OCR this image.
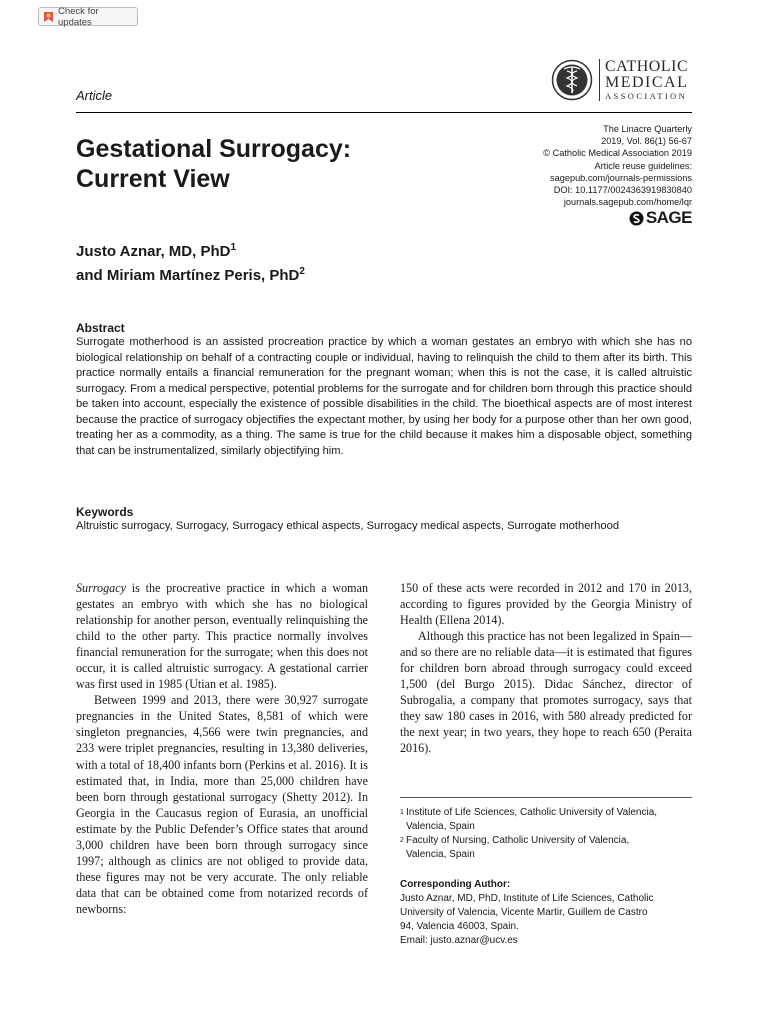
Check for updates
Article
CATHOLIC
MEDICAL
ASSOCIATION
The Linacre Quarterly
2019, Vol. 86(1) 56-67
© Catholic Medical Association 2019
Article reuse guidelines:
sagepub.com/journals-permissions
DOI: 10.1177/0024363919830840
journals.sagepub.com/home/lqr
SAGE
Gestational Surrogacy:
Current View
Justo Aznar, MD, PhD$^1$
and Miriam Martínez Peris, PhD$^2$
Abstract
Surrogate motherhood is an assisted procreation practice by which a woman gestates an embryo with which she has no biological relationship on behalf of a contracting couple or individual, having to relinquish the child to them after its birth. This practice normally entails a financial remuneration for the pregnant woman; when this is not the case, it is called altruistic surrogacy. From a medical perspective, potential problems for the surrogate and for children born through this practice should be taken into account, especially the existence of possible disabilities in the child. The bioethical aspects are of most interest because the practice of surrogacy objectifies the expectant mother, by using her body for a purpose other than her own good, treating her as a commodity, as a thing. The same is true for the child because it makes him a disposable object, something that can be instrumentalized, similarly objectifying him.
Keywords
Altruistic surrogacy, Surrogacy, Surrogacy ethical aspects, Surrogacy medical aspects, Surrogate motherhood

Surrogacy is the procreative practice in which a woman gestates an embryo with which she has no biological relationship for another person, eventually relinquishing the child to the other party. This practice normally involves financial remuneration for the surrogate; when this does not occur, it is called altruistic surrogacy. A gestational carrier was first used in 1985 (Utian et al. 1985).

Between 1999 and 2013, there were 30,927 surrogate pregnancies in the United States, 8,581 of which were singleton pregnancies, 4,566 were twin pregnancies, and 233 were triplet pregnancies, resulting in 13,380 deliveries, with a total of 18,400 infants born (Perkins et al. 2016). It is estimated that, in India, more than 25,000 children have been born through gestational surrogacy (Shetty 2012). In Georgia in the Caucasus region of Eurasia, an unofficial estimate by the Public Defender’s Office states that around 3,000 children have been born through surrogacy since 1997; although as clinics are not obliged to provide data, these figures may not be very accurate. The only reliable data that can be obtained come from notarized records of newborns:

150 of these acts were recorded in 2012 and 170 in 2013, according to figures provided by the Georgia Ministry of Health (Ellena 2014).

Although this practice has not been legalized in Spain—and so there are no reliable data—it is estimated that figures for children born abroad through surrogacy could exceed 1,500 (del Burgo 2015). Didac Sánchez, director of Subrogalia, a company that promotes surrogacy, says that they saw 180 cases in 2016, with 580 already predicted for the next year; in two years, they hope to reach 650 (Peraita 2016).

1 Institute of Life Sciences, Catholic University of Valencia,
Valencia, Spain
2 Faculty of Nursing, Catholic University of Valencia,
Valencia, Spain
Corresponding Author:
Justo Aznar, MD, PhD, Institute of Life Sciences, Catholic
University of Valencia, Vicente Martir, Guillem de Castro
94, Valencia 46003, Spain.
Email: justo.aznar@ucv.es
